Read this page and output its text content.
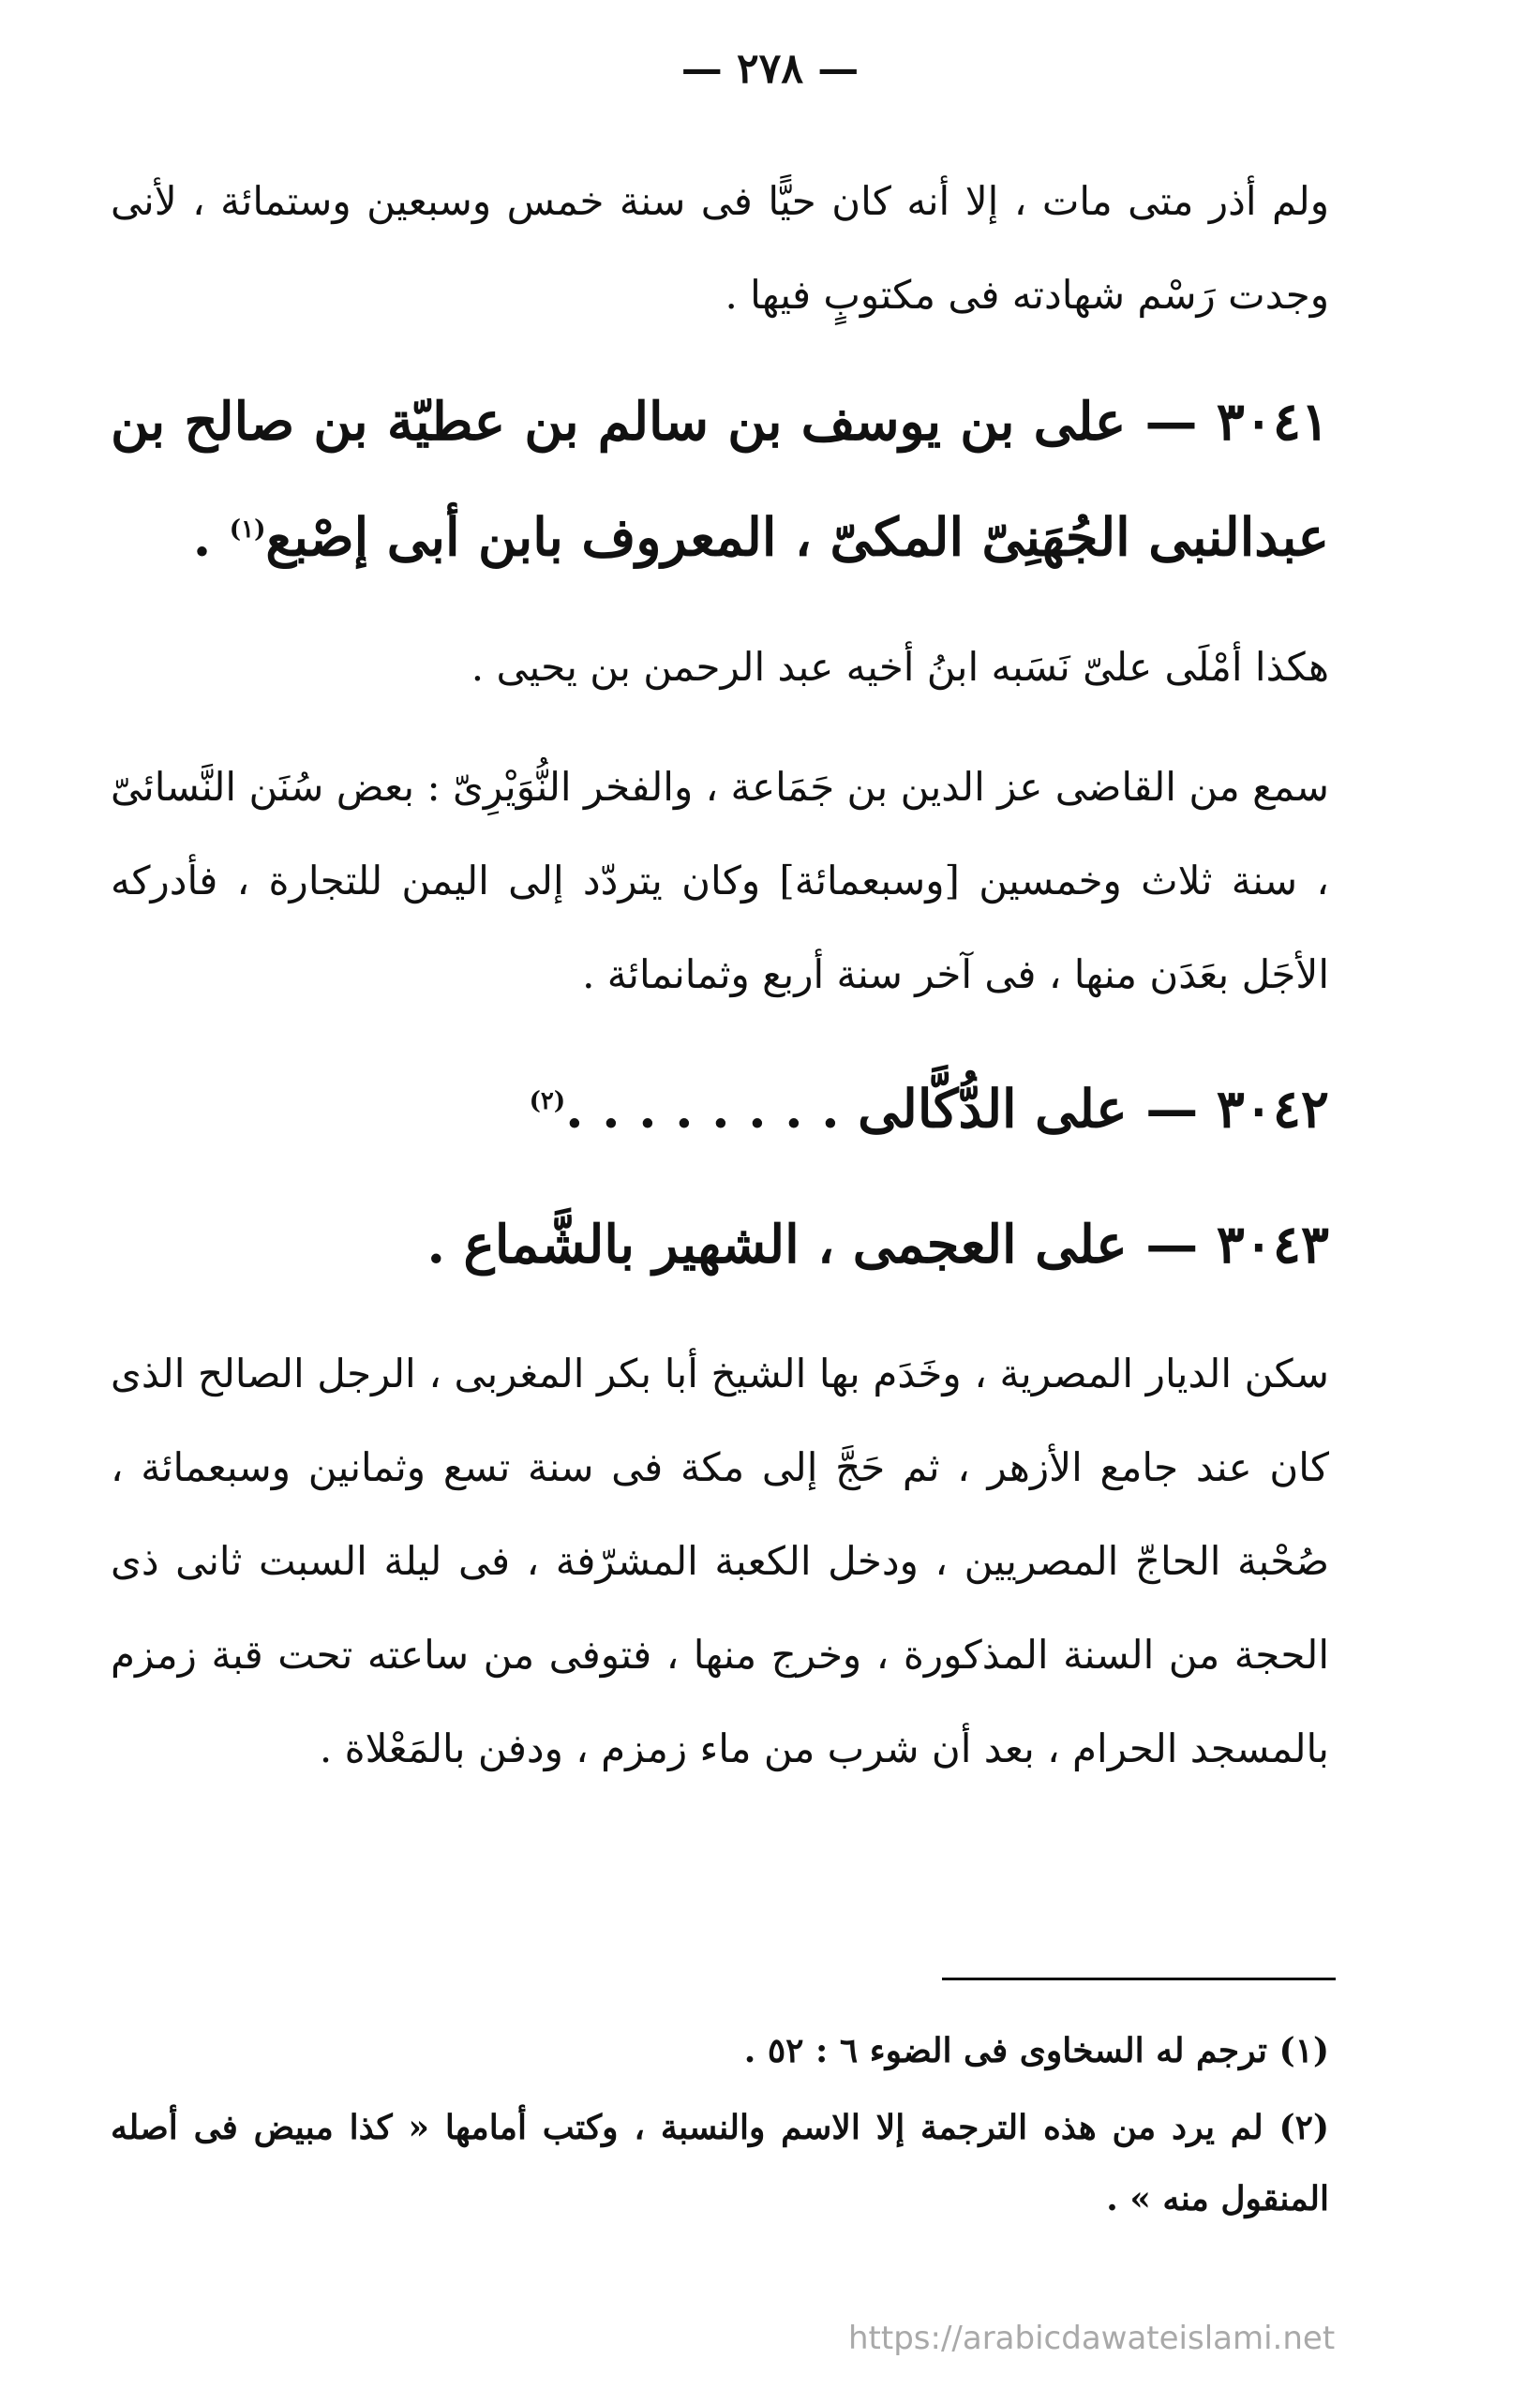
— ٢٧٨ —

ولم أذر متى مات ، إلا أنه كان حيًّا فى سنة خمس وسبعين وستمائة ، لأنى وجدت رَسْم شهادته فى مكتوبٍ فيها .

٣٠٤١ — على بن يوسف بن سالم بن عطيّة بن صالح بن عبدالنبى الجُهَنِىّ المكىّ ، المعروف بابن أبى إصْبع$^{(١)}$ .

هكذا أمْلَى علىّ نَسَبه ابنُ أخيه عبد الرحمن بن يحيى .

سمع من القاضى عز الدين بن جَمَاعة ، والفخر النُّوَيْرِىّ : بعض سُنَن النَّسائىّ ، سنة ثلاث وخمسين [وسبعمائة] وكان يتردّد إلى اليمن للتجارة ، فأدركه الأجَل بعَدَن منها ، فى آخر سنة أربع وثمانمائة .

٣٠٤٢ — على الدُّكَّالى . . . . . . . .$^{(٢)}$
٣٠٤٣ — على العجمى ، الشهير بالشَّماع .

سكن الديار المصرية ، وخَدَم بها الشيخ أبا بكر المغربى ، الرجل الصالح الذى كان عند جامع الأزهر ، ثم حَجَّ إلى مكة فى سنة تسع وثمانين وسبعمائة ، صُحْبة الحاجّ المصريين ، ودخل الكعبة المشرّفة ، فى ليلة السبت ثانى ذى الحجة من السنة المذكورة ، وخرج منها ، فتوفى من ساعته تحت قبة زمزم بالمسجد الحرام ، بعد أن شرب من ماء زمزم ، ودفن بالمَعْلاة .

(١) ترجم له السخاوى فى الضوء ٦ : ٥٢ .

(٢) لم يرد من هذه الترجمة إلا الاسم والنسبة ، وكتب أمامها « كذا مبيض فى أصله المنقول منه » .

https://arabicdawateislami.net
